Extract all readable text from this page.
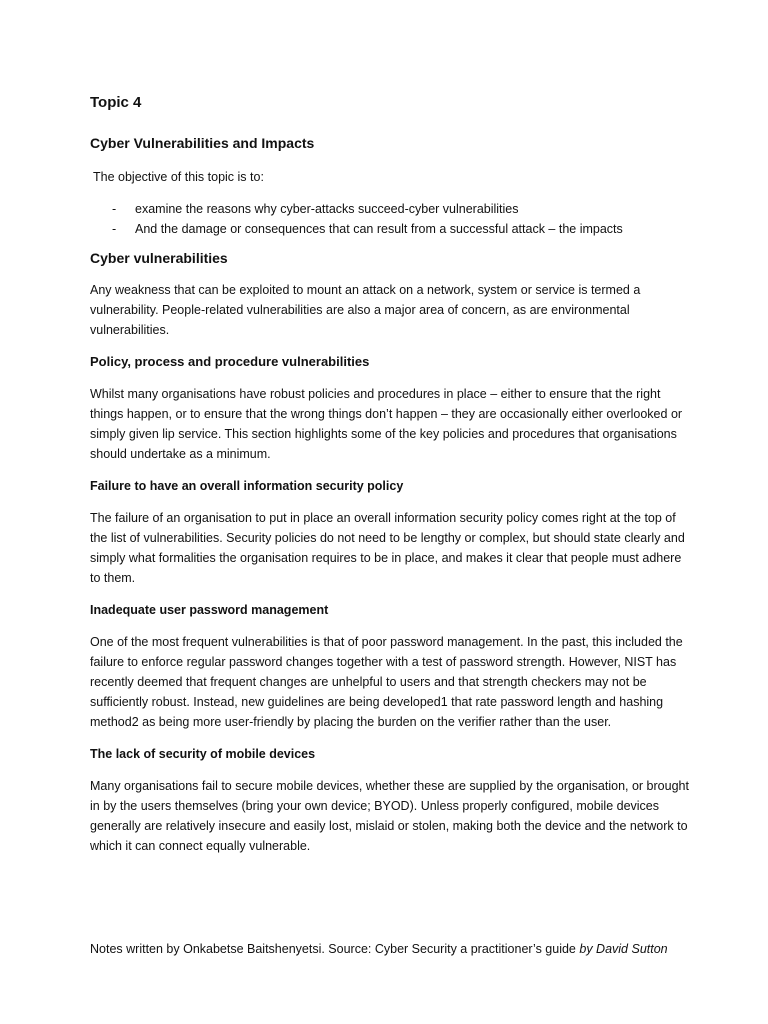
Topic 4
Cyber Vulnerabilities and Impacts

The objective of this topic is to:

- examine the reasons why cyber-attacks succeed-cyber vulnerabilities
- And the damage or consequences that can result from a successful attack – the impacts
Cyber vulnerabilities

Any weakness that can be exploited to mount an attack on a network, system or service is termed a vulnerability. People-related vulnerabilities are also a major area of concern, as are environmental vulnerabilities.

Policy, process and procedure vulnerabilities

Whilst many organisations have robust policies and procedures in place – either to ensure that the right things happen, or to ensure that the wrong things don’t happen – they are occasionally either overlooked or simply given lip service. This section highlights some of the key policies and procedures that organisations should undertake as a minimum.

Failure to have an overall information security policy

The failure of an organisation to put in place an overall information security policy comes right at the top of the list of vulnerabilities. Security policies do not need to be lengthy or complex, but should state clearly and simply what formalities the organisation requires to be in place, and makes it clear that people must adhere to them.

Inadequate user password management

One of the most frequent vulnerabilities is that of poor password management. In the past, this included the failure to enforce regular password changes together with a test of password strength. However, NIST has recently deemed that frequent changes are unhelpful to users and that strength checkers may not be sufficiently robust. Instead, new guidelines are being developed1 that rate password length and hashing method2 as being more user-friendly by placing the burden on the verifier rather than the user.

The lack of security of mobile devices

Many organisations fail to secure mobile devices, whether these are supplied by the organisation, or brought in by the users themselves (bring your own device; BYOD). Unless properly configured, mobile devices generally are relatively insecure and easily lost, mislaid or stolen, making both the device and the network to which it can connect equally vulnerable.

Notes written by Onkabetse Baitshenyetsi. Source: Cyber Security a practitioner’s guide by David Sutton
